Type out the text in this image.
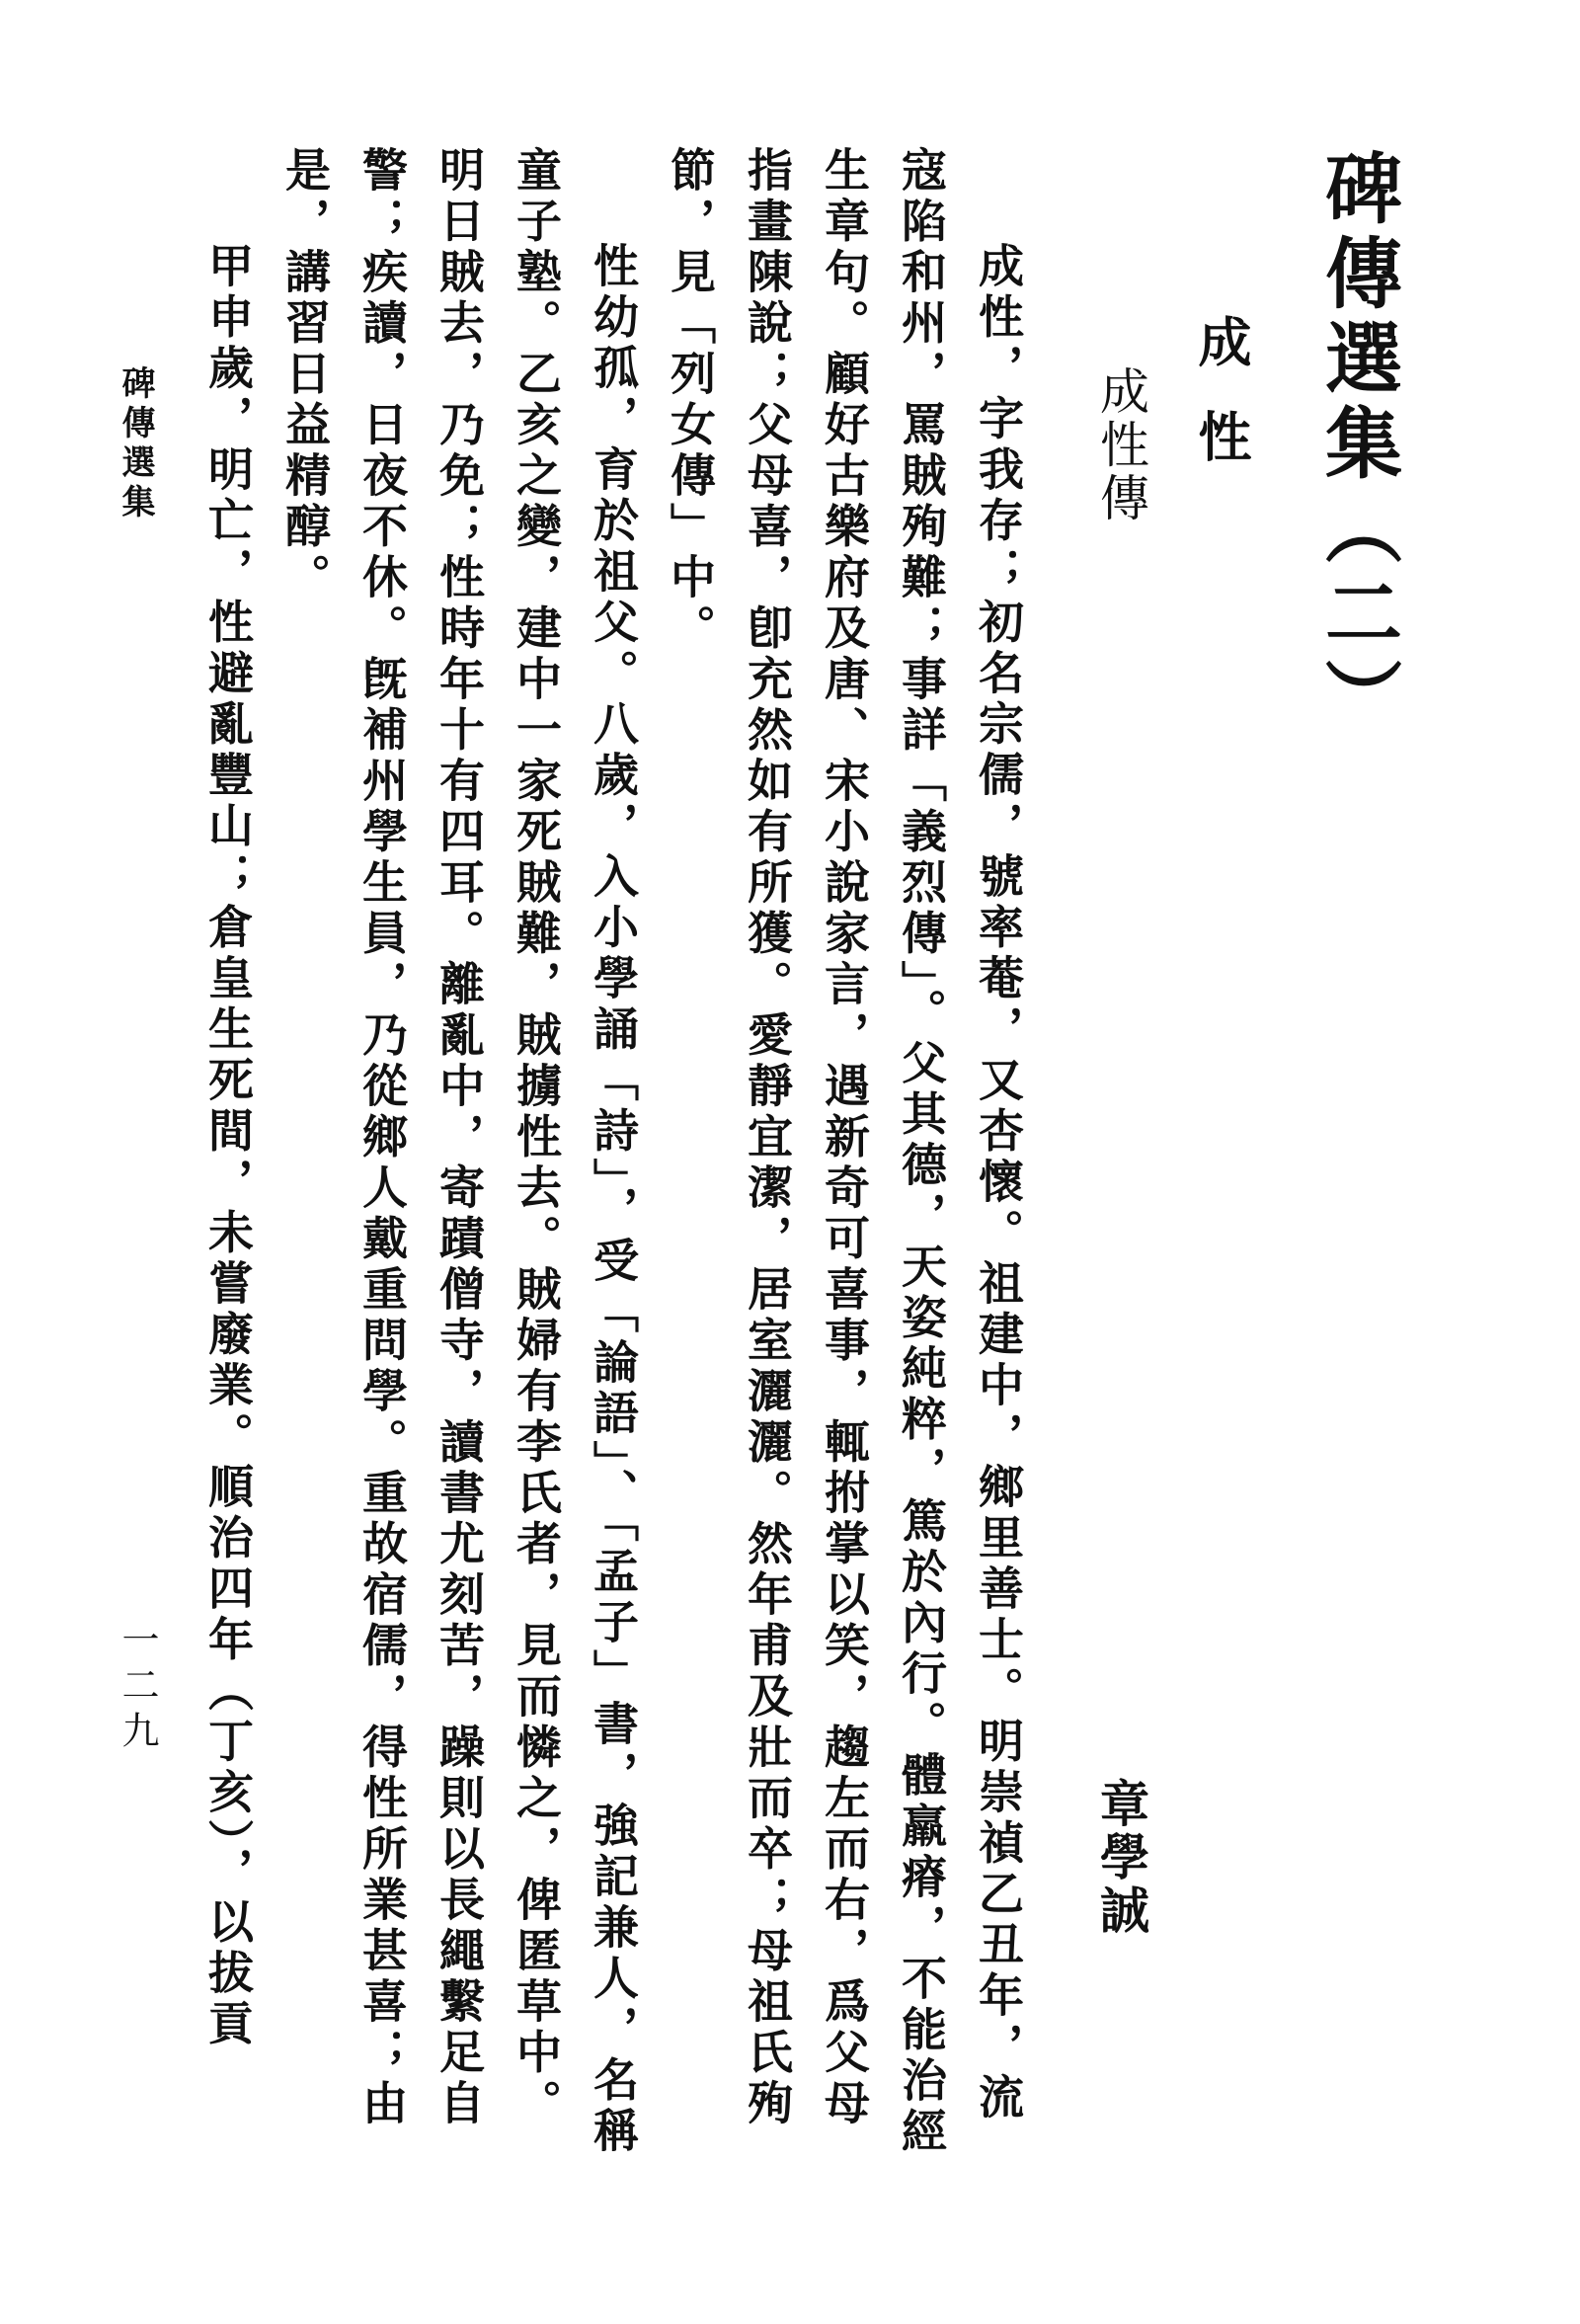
碑傳選集（二）
成性
成性傳
章學誠

成性，字我存；初名宗儒，號率菴，又杏懷。祖建中，鄉里善士。明崇禎乙丑年，流寇陷和州，罵賊殉難；事詳「義烈傳」。父其德，天姿純粹，篤於內行。體羸瘠，不能治經生章句。顧好古樂府及唐、宋小說家言，遇新奇可喜事，輒拊掌以笑，趨左而右，爲父母指畫陳說；父母喜，卽充然如有所獲。愛靜宜潔，居室灑灑。然年甫及壯而卒；母祖氏殉節，見「列女傳」中。

性幼孤，育於祖父。八歲，入小學誦「詩」，受「論語」、「孟子」書，強記兼人，名稱童子塾。乙亥之變，建中一家死賊難，賊擄性去。賊婦有李氏者，見而憐之，俾匿草中。明日賊去，乃免；性時年十有四耳。離亂中，寄蹟僧寺，讀書尤刻苦，躁則以長繩繫足自警；疾讀，日夜不休。旣補州學生員，乃從鄉人戴重問學。重故宿儒，得性所業甚喜；由是，講習日益精醇。

甲申歲，明亡，性避亂豐山；倉皇生死間，未嘗廢業。順治四年（丁亥），以拔貢

碑傳選集
一二九
